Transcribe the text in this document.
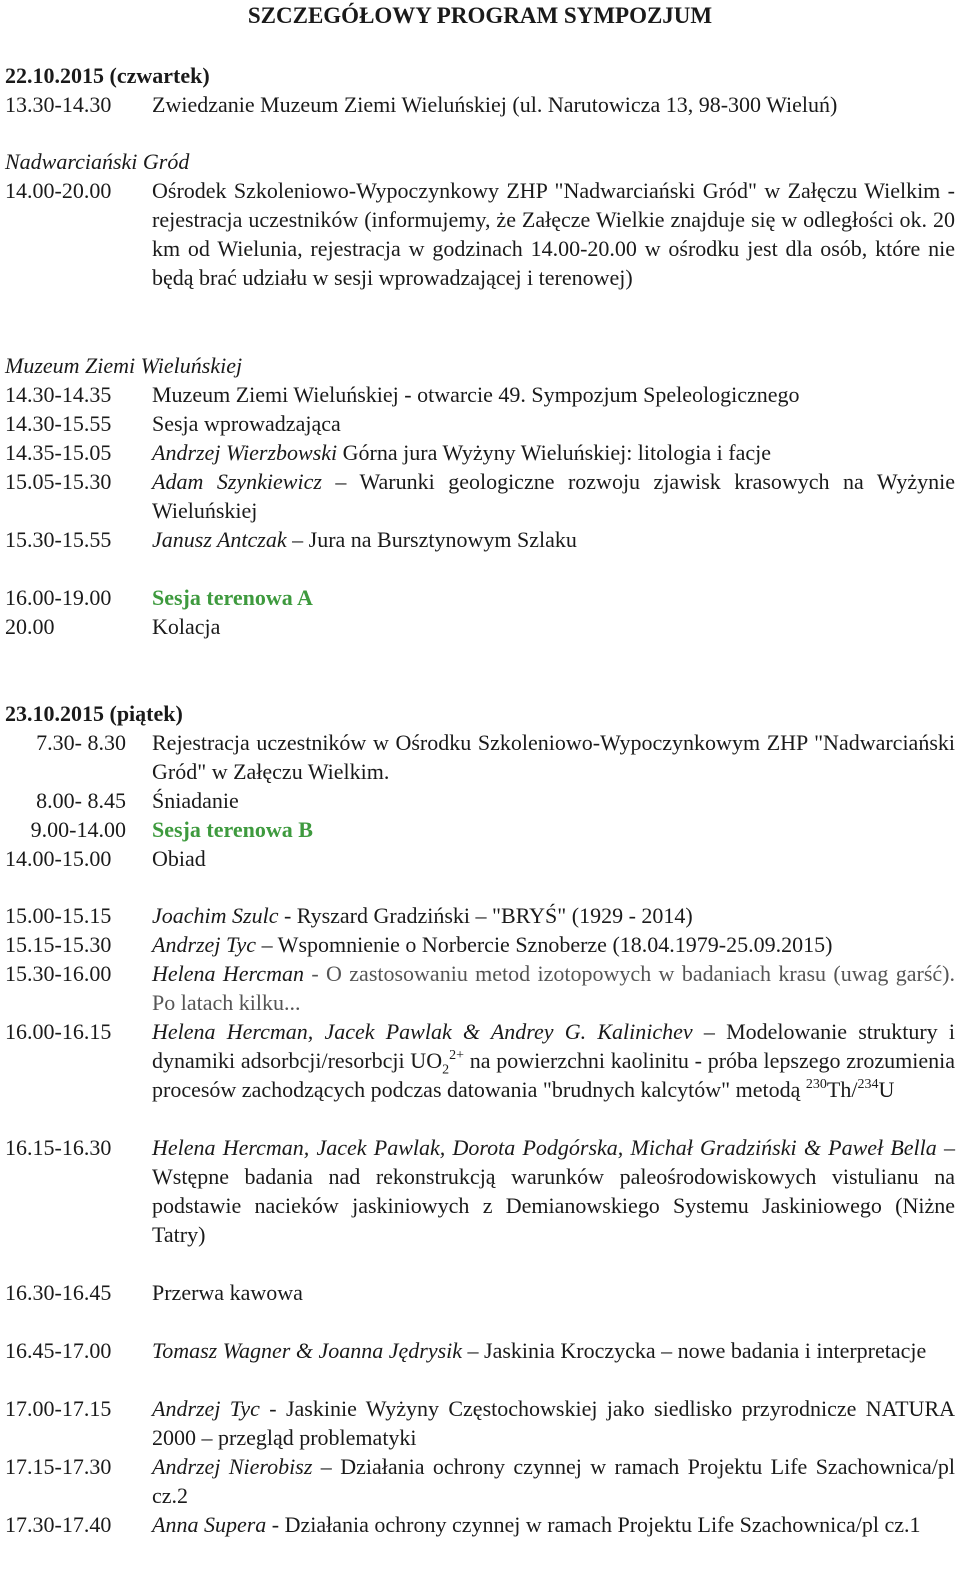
SZCZEGÓŁOWY PROGRAM SYMPOZJUM
22.10.2015 (czwartek)
13.30-14.30	Zwiedzanie Muzeum Ziemi Wieluńskiej (ul. Narutowicza 13, 98-300 Wieluń)
Nadwarciański Gród
14.00-20.00	Ośrodek Szkoleniowo-Wypoczynkowy ZHP "Nadwarciański Gród" w Załęczu Wielkim - rejestracja uczestników (informujemy, że Załęcze Wielkie znajduje się w odległości ok. 20 km od Wielunia, rejestracja w godzinach 14.00-20.00 w ośrodku jest dla osób, które nie będą brać udziału w sesji wprowadzającej i terenowej)
Muzeum Ziemi Wieluńskiej
14.30-14.35	Muzeum Ziemi Wieluńskiej - otwarcie 49. Sympozjum Speleologicznego
14.30-15.55	Sesja wprowadzająca
14.35-15.05	Andrzej Wierzbowski Górna jura Wyżyny Wieluńskiej: litologia i facje
15.05-15.30	Adam Szynkiewicz – Warunki geologiczne rozwoju zjawisk krasowych na Wyżynie Wieluńskiej
15.30-15.55	Janusz Antczak – Jura na Bursztynowym Szlaku
16.00-19.00	Sesja terenowa A
20.00	Kolacja
23.10.2015 (piątek)
7.30- 8.30 Rejestracja uczestników w Ośrodku Szkoleniowo-Wypoczynkowym ZHP "Nadwarciański Gród" w Załęczu Wielkim.
8.00- 8.45 Śniadanie
9.00-14.00 Sesja terenowa B
14.00-15.00	Obiad
15.00-15.15	Joachim Szulc - Ryszard Gradziński – "BRYŚ" (1929 - 2014)
15.15-15.30	Andrzej Tyc – Wspomnienie o Norbercie Sznoberze (18.04.1979-25.09.2015)
15.30-16.00	Helena Hercman - O zastosowaniu metod izotopowych w badaniach krasu (uwag garść). Po latach kilku...
16.00-16.15	Helena Hercman, Jacek Pawlak & Andrey G. Kalinichev – Modelowanie struktury i dynamiki adsorbcji/resorbcji $UO_2^{2+}$ na powierzchni kaolinitu - próba lepszego zrozumienia procesów zachodzących podczas datowania "brudnych kalcytów" metodą $^{230}$Th/$^{234}$U
16.15-16.30	Helena Hercman, Jacek Pawlak, Dorota Podgórska, Michał Gradziński & Paweł Bella – Wstępne badania nad rekonstrukcją warunków paleośrodowiskowych vistulianu na podstawie nacieków jaskiniowych z Demianowskiego Systemu Jaskiniowego (Niżne Tatry)
16.30-16.45	Przerwa kawowa
16.45-17.00	Tomasz Wagner & Joanna Jędrysik – Jaskinia Kroczycka – nowe badania i interpretacje
17.00-17.15	Andrzej Tyc - Jaskinie Wyżyny Częstochowskiej jako siedlisko przyrodnicze NATURA 2000 – przegląd problematyki
17.15-17.30	Andrzej Nierobisz – Działania ochrony czynnej w ramach Projektu Life Szachownica/pl cz.2
17.30-17.40	Anna Supera - Działania ochrony czynnej w ramach Projektu Life Szachownica/pl cz.1
